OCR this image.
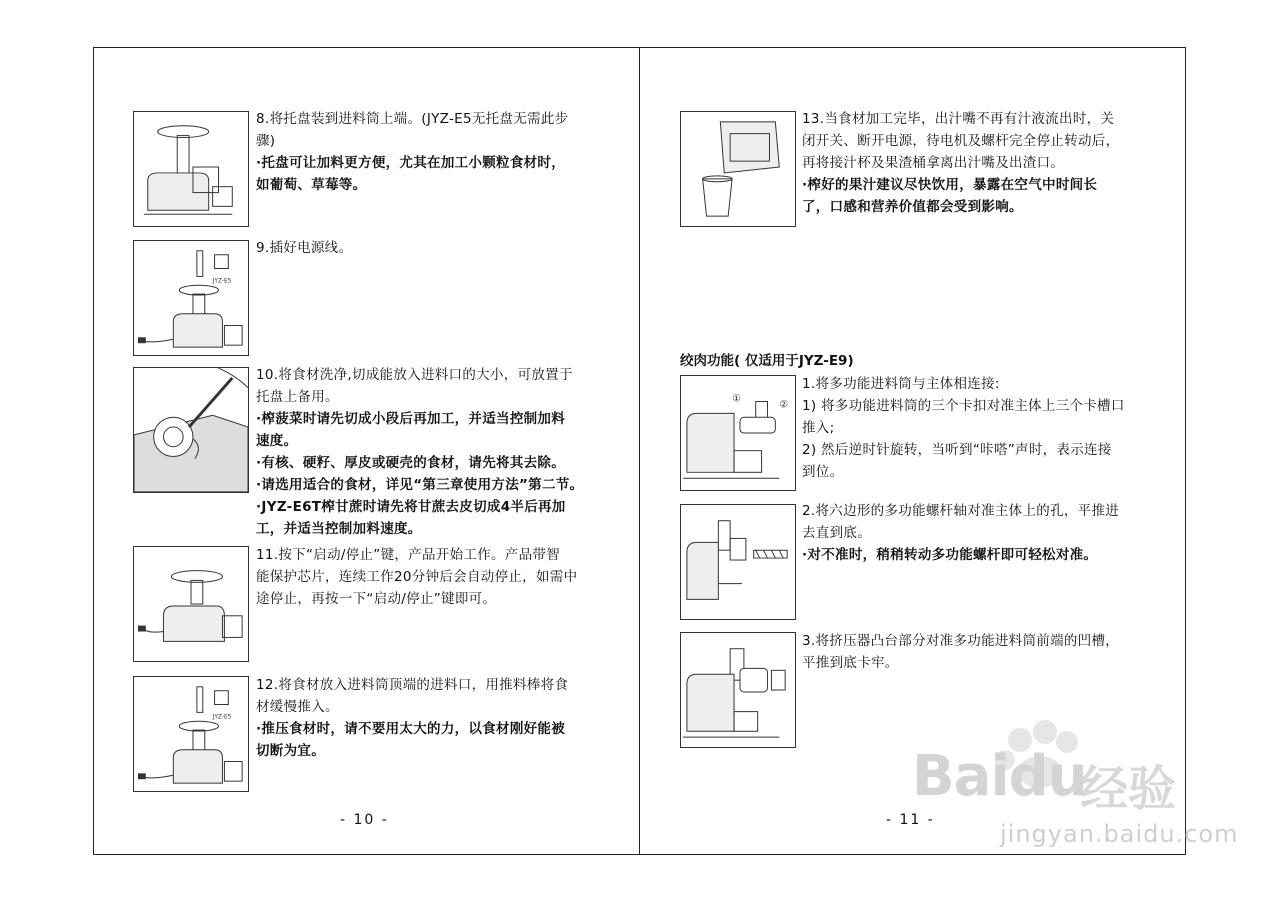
JYZ-E5
JYZ-E5

8.将托盘装到进料筒上端。(JYZ-E5无托盘无需此步

骤)

·托盘可让加料更方便，尤其在加工小颗粒食材时，

如葡萄、草莓等。

9.插好电源线。

10.将食材洗净,切成能放入进料口的大小，可放置于

托盘上备用。

·榨菠菜时请先切成小段后再加工，并适当控制加料

速度。

·有核、硬籽、厚皮或硬壳的食材，请先将其去除。

·请选用适合的食材，详见“第三章使用方法”第二节。

·JYZ-E6T榨甘蔗时请先将甘蔗去皮切成4半后再加

工，并适当控制加料速度。

11.按下“启动/停止”键，产品开始工作。产品带智

能保护芯片，连续工作20分钟后会自动停止，如需中

途停止，再按一下“启动/停止”键即可。

12.将食材放入进料筒顶端的进料口，用推料棒将食

材缓慢推入。

·推压食材时，请不要用太大的力，以食材刚好能被

切断为宜。

- 10 -
绞肉功能( 仅适用于JYZ-E9)
①
②

13.当食材加工完毕，出汁嘴不再有汁液流出时，关

闭开关、断开电源，待电机及螺杆完全停止转动后，

再将接汁杯及果渣桶拿离出汁嘴及出渣口。

·榨好的果汁建议尽快饮用，暴露在空气中时间长

了，口感和营养价值都会受到影响。

1.将多功能进料筒与主体相连接:

1) 将多功能进料筒的三个卡扣对准主体上三个卡槽口

推入;

2) 然后逆时针旋转，当听到“咔嗒”声时，表示连接

到位。

2.将六边形的多功能螺杆轴对准主体上的孔，平推进

去直到底。

·对不准时，稍稍转动多功能螺杆即可轻松对准。

3.将挤压器凸台部分对准多功能进料筒前端的凹槽，

平推到底卡牢。

- 11 -
Baidu
经验
jingyan.baidu.com
